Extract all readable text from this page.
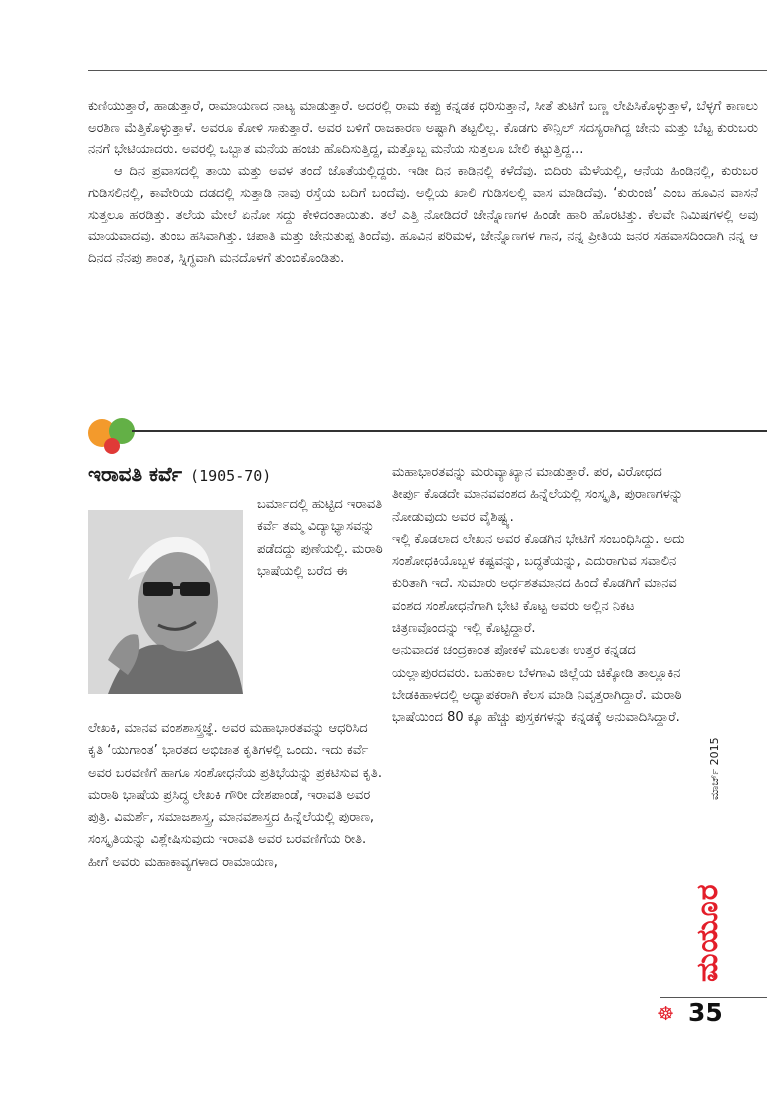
ಕುಣಿಯುತ್ತಾರೆ, ಹಾಡುತ್ತಾರೆ, ರಾಮಾಯಣದ ನಾಟ್ಯ ಮಾಡುತ್ತಾರೆ. ಅದರಲ್ಲಿ ರಾಮ ಕಪ್ಪು ಕನ್ನಡಕ ಧರಿಸುತ್ತಾನೆ, ಸೀತೆ ತುಟಿಗೆ ಬಣ್ಣ ಲೇಪಿಸಿಕೊಳ್ಳುತ್ತಾಳೆ, ಬೆಳ್ಳಗೆ ಕಾಣಲು ಅರಶಿಣ ಮೆತ್ತಿಕೊಳ್ಳುತ್ತಾಳೆ. ಅವರೂ ಕೋಳಿ ಸಾಕುತ್ತಾರೆ. ಅವರ ಬಳಿಗೆ ರಾಜಕಾರಣ ಅಷ್ಟಾಗಿ ತಟ್ಟಲಿಲ್ಲ. ಕೊಡಗು ಕೌನ್ಸಿಲ್ ಸದಸ್ಯರಾಗಿದ್ದ ಜೇನು ಮತ್ತು ಬೆಟ್ಟ ಕುರುಬರು ನನಗೆ ಭೇಟಿಯಾದರು. ಅವರಲ್ಲಿ ಒಬ್ಬಾತ ಮನೆಯ ಹಂಚು ಹೊದಿಸುತ್ತಿದ್ದ, ಮತ್ತೊಬ್ಬ ಮನೆಯ ಸುತ್ತಲೂ ಬೇಲಿ ಕಟ್ಟುತ್ತಿದ್ದ...

ಆ ದಿನ ಪ್ರವಾಸದಲ್ಲಿ ತಾಯಿ ಮತ್ತು ಅವಳ ತಂದೆ ಜೊತೆಯಲ್ಲಿದ್ದರು. ಇಡೀ ದಿನ ಕಾಡಿನಲ್ಲಿ ಕಳೆದೆವು. ಬಿದಿರು ಮೆಳೆಯಲ್ಲಿ, ಆನೆಯ ಹಿಂಡಿನಲ್ಲಿ, ಕುರುಬರ ಗುಡಿಸಲಿನಲ್ಲಿ, ಕಾವೇರಿಯ ದಡದಲ್ಲಿ ಸುತ್ತಾಡಿ ನಾವು ರಸ್ತೆಯ ಬದಿಗೆ ಬಂದೆವು. ಅಲ್ಲಿಯ ಖಾಲಿ ಗುಡಿಸಲಲ್ಲಿ ವಾಸ ಮಾಡಿದೆವು. ‘ಕುರುಂಜಿ’ ಎಂಬ ಹೂವಿನ ವಾಸನೆ ಸುತ್ತಲೂ ಹರಡಿತ್ತು. ತಲೆಯ ಮೇಲೆ ಏನೋ ಸದ್ದು ಕೇಳಿದಂತಾಯಿತು. ತಲೆ ಎತ್ತಿ ನೋಡಿದರೆ ಜೇನ್ನೊಣಗಳ ಹಿಂಡೇ ಹಾರಿ ಹೊರಟಿತ್ತು. ಕೆಲವೇ ನಿಮಿಷಗಳಲ್ಲಿ ಅವು ಮಾಯವಾದವು. ತುಂಬ ಹಸಿವಾಗಿತ್ತು. ಚಪಾತಿ ಮತ್ತು ಜೇನುತುಪ್ಪ ತಿಂದೆವು. ಹೂವಿನ ಪರಿಮಳ, ಜೇನ್ನೊಣಗಳ ಗಾನ, ನನ್ನ ಪ್ರೀತಿಯ ಜನರ ಸಹವಾಸದಿಂದಾಗಿ ನನ್ನ ಆ ದಿನದ ನೆನಪು ಶಾಂತ, ಸ್ನಿಗ್ಧವಾಗಿ ಮನದೊಳಗೆ ತುಂಬಿಕೊಂಡಿತು.

ಇರಾವತಿ ಕರ್ವೆ (1905-70)
ಬರ್ಮಾದಲ್ಲಿ ಹುಟ್ಟಿದ ಇರಾವತಿ ಕರ್ವೆ ತಮ್ಮ ವಿದ್ಯಾಭ್ಯಾಸವನ್ನು ಪಡೆದದ್ದು ಪುಣೆಯಲ್ಲಿ. ಮರಾಠಿ ಭಾಷೆಯಲ್ಲಿ ಬರೆದ ಈ
ಲೇಖಕಿ, ಮಾನವ ವಂಶಶಾಸ್ತ್ರಜ್ಞೆ. ಅವರ ಮಹಾಭಾರತವನ್ನು ಆಧರಿಸಿದ ಕೃತಿ ‘ಯುಗಾಂತ’ ಭಾರತದ ಅಭಿಜಾತ ಕೃತಿಗಳಲ್ಲಿ ಒಂದು. ಇದು ಕರ್ವೆ ಅವರ ಬರವಣಿಗೆ ಹಾಗೂ ಸಂಶೋಧನೆಯ ಪ್ರತಿಭೆಯನ್ನು ಪ್ರಕಟಿಸುವ ಕೃತಿ. ಮರಾಠಿ ಭಾಷೆಯ ಪ್ರಸಿದ್ಧ ಲೇಖಕಿ ಗೌರೀ ದೇಶಪಾಂಡೆ, ಇರಾವತಿ ಅವರ ಪುತ್ರಿ. ವಿಮರ್ಶೆ, ಸಮಾಜಶಾಸ್ತ್ರ, ಮಾನವಶಾಸ್ತ್ರದ ಹಿನ್ನೆಲೆಯಲ್ಲಿ ಪುರಾಣ, ಸಂಸ್ಕೃತಿಯನ್ನು ವಿಶ್ಲೇಷಿಸುವುದು ಇರಾವತಿ ಅವರ ಬರವಣಿಗೆಯ ರೀತಿ. ಹೀಗೆ ಅವರು ಮಹಾಕಾವ್ಯಗಳಾದ ರಾಮಾಯಣ,

ಮಹಾಭಾರತವನ್ನು ಮರುವ್ಯಾಖ್ಯಾನ ಮಾಡುತ್ತಾರೆ. ಪರ, ವಿರೋಧದ ತೀರ್ಪು ಕೊಡದೇ ಮಾನವವಂಶದ ಹಿನ್ನೆಲೆಯಲ್ಲಿ ಸಂಸ್ಕೃತಿ, ಪುರಾಣಗಳನ್ನು ನೋಡುವುದು ಅವರ ವೈಶಿಷ್ಟ್ಯ.

ಇಲ್ಲಿ ಕೊಡಲಾದ ಲೇಖನ ಅವರ ಕೊಡಗಿನ ಭೇಟಿಗೆ ಸಂಬಂಧಿಸಿದ್ದು. ಅದು ಸಂಶೋಧಕಿಯೊಬ್ಬಳ ಕಷ್ಟವನ್ನು, ಬದ್ಧತೆಯನ್ನು, ಎದುರಾಗುವ ಸವಾಲಿನ ಕುರಿತಾಗಿ ಇದೆ. ಸುಮಾರು ಅರ್ಧಶತಮಾನದ ಹಿಂದೆ ಕೊಡಗಿಗೆ ಮಾನವ ವಂಶದ ಸಂಶೋಧನೆಗಾಗಿ ಭೇಟಿ ಕೊಟ್ಟ ಅವರು ಅಲ್ಲಿನ ನಿಕಟ ಚಿತ್ರಣವೊಂದನ್ನು ಇಲ್ಲಿ ಕೊಟ್ಟಿದ್ದಾರೆ.

ಅನುವಾದಕ ಚಂದ್ರಕಾಂತ ಪೋಕಳೆ ಮೂಲತಃ ಉತ್ತರ ಕನ್ನಡದ ಯಲ್ಲಾಪುರದವರು. ಬಹುಕಾಲ ಬೆಳಗಾವಿ ಜಿಲ್ಲೆಯ ಚಿಕ್ಕೋಡಿ ತಾಲ್ಲೂಕಿನ ಬೇಡಕಿಹಾಳದಲ್ಲಿ ಅಧ್ಯಾಪಕರಾಗಿ ಕೆಲಸ ಮಾಡಿ ನಿವೃತ್ತರಾಗಿದ್ದಾರೆ. ಮರಾಠಿ ಭಾಷೆಯಿಂದ 80 ಕ್ಕೂ ಹೆಚ್ಚು ಪುಸ್ತಕಗಳನ್ನು ಕನ್ನಡಕ್ಕೆ ಅನುವಾದಿಸಿದ್ದಾರೆ.

ಮಾರ್ಚ್ 2015
ಮಯೂರ
☸ 35
